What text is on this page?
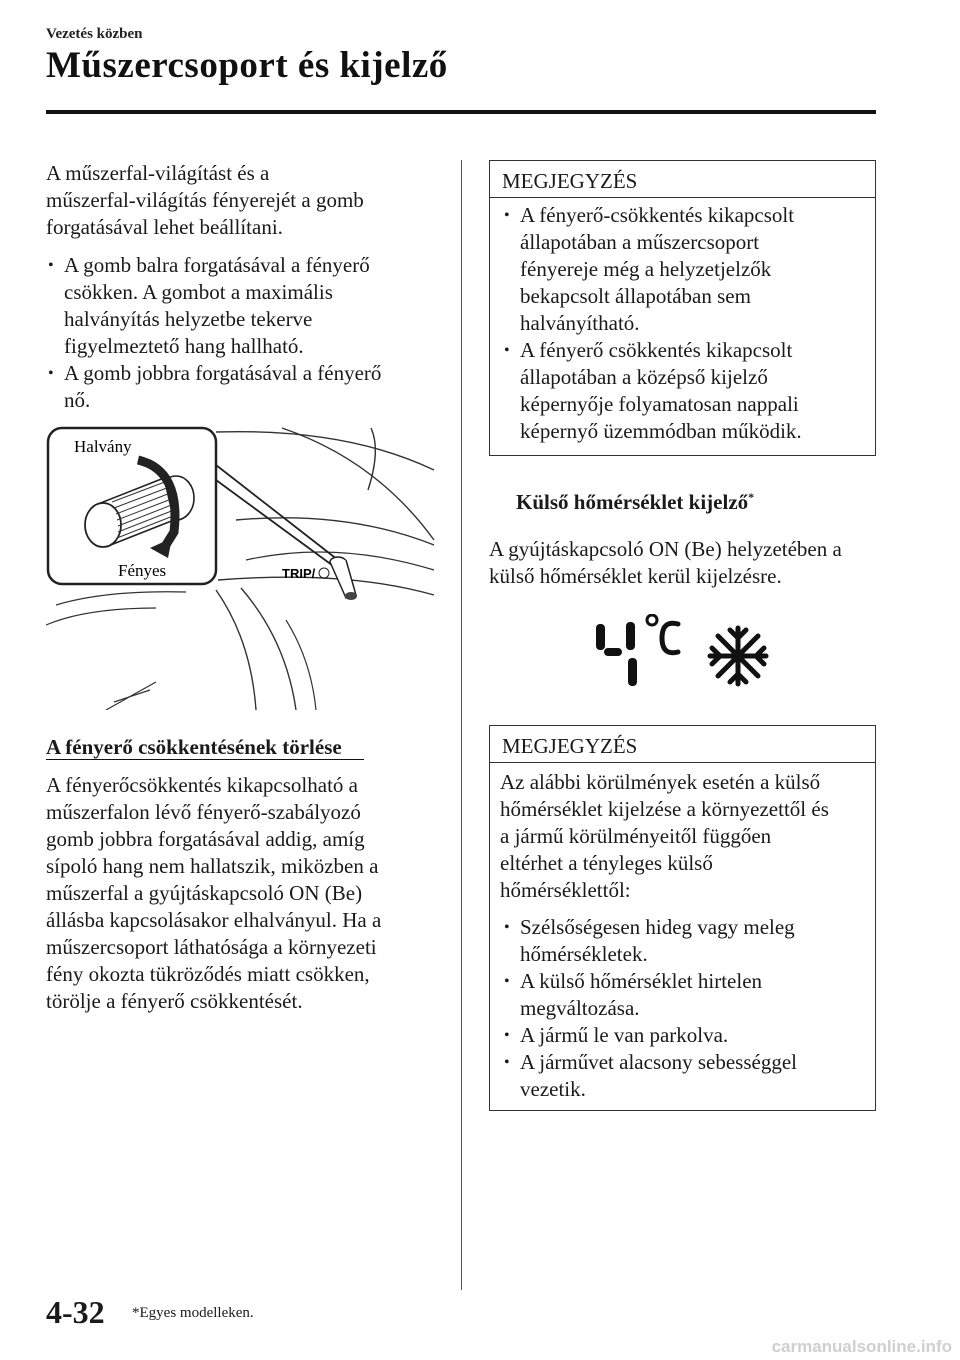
Vezetés közben
Műszercsoport és kijelző

A műszerfal-világítást és a

műszerfal-világítás fényerejét a gomb

forgatásával lehet beállítani.

• A gomb balra forgatásával a fényerő
csökken. A gombot a maximális
halványítás helyzetbe tekerve
figyelmeztető hang hallható.
• A gomb jobbra forgatásával a fényerő
nő.
TRIP/
Halvány
Fényes
A fényerő csökkentésének törlése

A fényerőcsökkentés kikapcsolható a

műszerfalon lévő fényerő-szabályozó

gomb jobbra forgatásával addig, amíg

sípoló hang nem hallatszik, miközben a

műszerfal a gyújtáskapcsoló ON (Be)

állásba kapcsolásakor elhalványul. Ha a

műszercsoport láthatósága a környezeti

fény okozta tükröződés miatt csökken,

törölje a fényerő csökkentését.

MEGJEGYZÉS
• A fényerő-csökkentés kikapcsolt
állapotában a műszercsoport
fényereje még a helyzetjelzők
bekapcsolt állapotában sem
halványítható.
• A fényerő csökkentés kikapcsolt
állapotában a középső kijelző
képernyője folyamatosan nappali
képernyő üzemmódban működik.
Külső hőmérséklet kijelző*

A gyújtáskapcsoló ON (Be) helyzetében a

külső hőmérséklet kerül kijelzésre.

MEGJEGYZÉS

Az alábbi körülmények esetén a külső

hőmérséklet kijelzése a környezettől és

a jármű körülményeitől függően

eltérhet a tényleges külső

hőmérséklettől:

• Szélsőségesen hideg vagy meleg
hőmérsékletek.
• A külső hőmérséklet hirtelen
megváltozása.
• A jármű le van parkolva.
• A járművet alacsony sebességgel
vezetik.
4-32 *Egyes modelleken.
carmanualsonline.info
